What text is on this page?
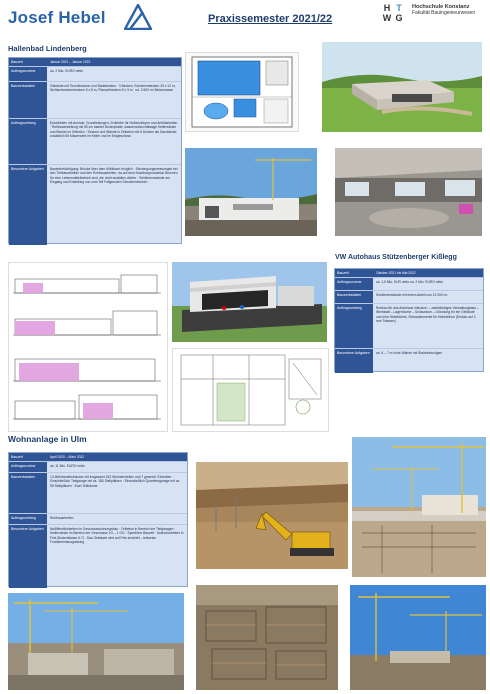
Josef Hebel	Praxissemester 2021/22
H T
W G
Hochschule Konstanz
Fakultät Bauingenieurwesen
Hallenbad Lindenberg
Bauzeit	Januar 2021 – Januar 2022
Auftragssumme	ca. 2 Mio. EURO netto
Bauwerksdaten	Gebäude mit Technikräume und Badebecken · 3 Becken: Schwimmbecken 25 x 12 m, Nichtschwimmerbecken 5 x 8 m, Planschbecken 8 x 3 m · ca. 2.600 m³ Betonmasse
Auftragsumfang	Erdarbeiten mit Aushub, Grundleitungen, Erdkörbe für Notheizkörper und Anfüllarbeiten · Rohbauerstellung mit 50 cm starker Bodenplatte, wasserundurchlässige Kellerwände und Becken in Ortbeton · Decken und Wände in Ortbeton mit 6 Decken als Dachdecke, zusätzlich 65 Mauerwerk im Keller und im Erdgeschoss
Besondere Aufgaben	Bauteilertüchtigung: Brücke über dem Mühlbach möglich · Schwingungsmessungen bei den Tiefbauarbeiten und den Rohbauarbeiten, da auf dem Nachbargrundstück Brunnen für eine Lebensmittelbetrieb sind, die nicht ausfallen dürfen · Sichtbetonwände am Eingang und Erstellung von zum Teil Fallgrunden Schwimmbecken
VW Autohaus Stützenberger Kißlegg
Bauzeit	Oktober 2021 bis Mai 2022
Auftragssumme	ca. 1,5 Mio. EUR netto ca. 2 Mio. EURO netto
Bauwerksdaten	Sichtbetonwände mit einem Anteil von 12.000 m²
Auftragsumfang	Rohbau für das Autohaus inklusive: – zweistöckiges Verwaltungsbau – Werkstatt – Lagerräume – Schauraum – Gründung für ein Gebäude und eine Hebebühne, Einbauelemente für Hebebühne (Einbau auf 3 mm Toleranz)
Besondere Aufgaben	ca. 6 – 7 m hohe Wände mit Stahlunterzügen
Wohnanlage in Ulm
Bauzeit	April 2020 – März 2022
Auftragssumme	ca. 11 Mio. EURO netto
Bauwerksdaten	13 Mehrfamilienhäuser mit insgesamt 162 Wohneinheiten und 7 gewerbl. Einheiten · Einschließlich Tiefgarage mit ca. 180 Stellplätzen · Einschließlich Quartiersgarage mit ca. 55 Stellplätzen · Zwei Teilbäume
Auftragsumfang	Rohbauarbeiten
Besondere Aufgaben	Nullöffentlichkeiten im Geschosswohnungsbau · Ortbeton in Bereich der Tiefgaragen · Kellerwände im Bereich der Geschosse 1G – 1 OG · Sportliche Bauzeit · Aushubarbeiten in Fels (Bodenklasse 6-7) · Das Gebäude wird auf Fels errichtet – teilweise Fundamentausgrabung
